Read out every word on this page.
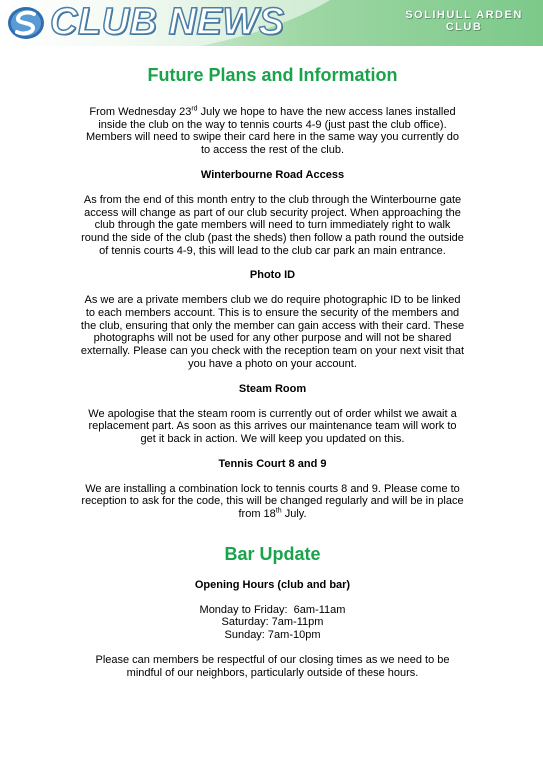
CLUB NEWS	SOLIHULL ARDEN
CLUB
Future Plans and Information

From Wednesday 23rd July we hope to have the new access lanes installed inside the club on the way to tennis courts 4-9 (just past the club office). Members will need to swipe their card here in the same way you currently do to access the rest of the club.

Winterbourne Road Access

As from the end of this month entry to the club through the Winterbourne gate access will change as part of our club security project. When approaching the club through the gate members will need to turn immediately right to walk round the side of the club (past the sheds) then follow a path round the outside of tennis courts 4-9, this will lead to the club car park an main entrance.

Photo ID

As we are a private members club we do require photographic ID to be linked to each members account. This is to ensure the security of the members and the club, ensuring that only the member can gain access with their card. These photographs will not be used for any other purpose and will not be shared externally. Please can you check with the reception team on your next visit that you have a photo on your account.

Steam Room

We apologise that the steam room is currently out of order whilst we await a replacement part. As soon as this arrives our maintenance team will work to get it back in action. We will keep you updated on this.

Tennis Court 8 and 9

We are installing a combination lock to tennis courts 8 and 9. Please come to reception to ask for the code, this will be changed regularly and will be in place from 18th July.

Bar Update
Opening Hours (club and bar)

Monday to Friday:  6am-11am

Saturday: 7am-11pm

Sunday: 7am-10pm

Please can members be respectful of our closing times as we need to be mindful of our neighbors, particularly outside of these hours.
